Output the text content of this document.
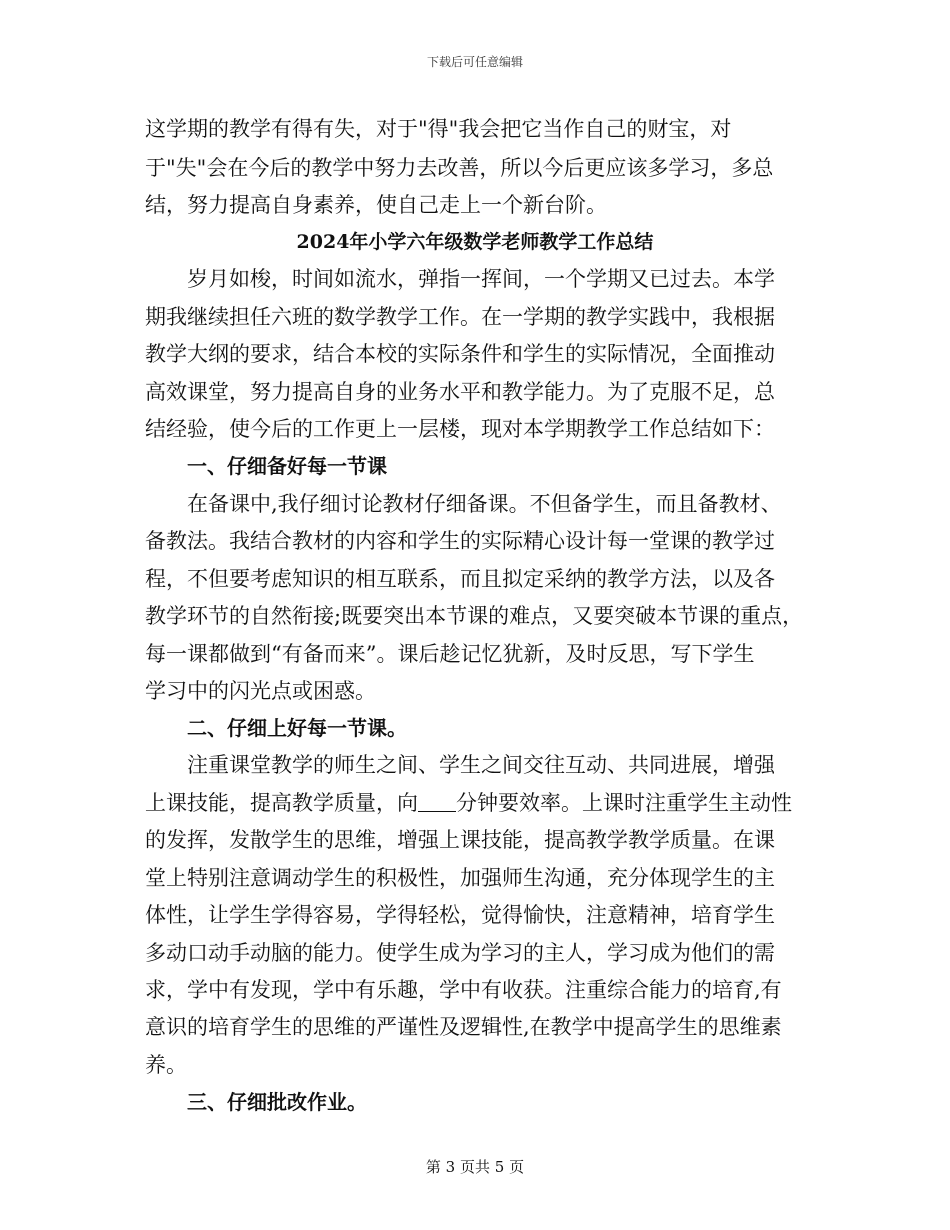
下载后可任意编辑
这学期的教学有得有失，对于"得"我会把它当作自己的财宝，对
于"失"会在今后的教学中努力去改善，所以今后更应该多学习，多总
结，努力提高自身素养，使自己走上一个新台阶。
2024年小学六年级数学老师教学工作总结
岁月如梭，时间如流水，弹指一挥间，一个学期又已过去。本学
期我继续担任六班的数学教学工作。在一学期的教学实践中，我根据
教学大纲的要求，结合本校的实际条件和学生的实际情况，全面推动
高效课堂，努力提高自身的业务水平和教学能力。为了克服不足，总
结经验，使今后的工作更上一层楼，现对本学期教学工作总结如下：
一、仔细备好每一节课
在备课中,我仔细讨论教材仔细备课。不但备学生，而且备教材、
备教法。我结合教材的内容和学生的实际精心设计每一堂课的教学过
程，不但要考虑知识的相互联系，而且拟定采纳的教学方法，以及各
教学环节的自然衔接;既要突出本节课的难点，又要突破本节课的重点，
每一课都做到“有备而来”。课后趁记忆犹新，及时反思，写下学生
学习中的闪光点或困惑。
二、仔细上好每一节课。
注重课堂教学的师生之间、学生之间交往互动、共同进展，增强
上课技能，提高教学质量，向 分钟要效率。上课时注重学生主动性
的发挥，发散学生的思维，增强上课技能，提高教学教学质量。在课
堂上特别注意调动学生的积极性，加强师生沟通，充分体现学生的主
体性，让学生学得容易，学得轻松，觉得愉快，注意精神，培育学生
多动口动手动脑的能力。使学生成为学习的主人，学习成为他们的需
求，学中有发现，学中有乐趣，学中有收获。注重综合能力的培育,有
意识的培育学生的思维的严谨性及逻辑性,在教学中提高学生的思维素
养。
三、仔细批改作业。
第 3 页共 5 页
